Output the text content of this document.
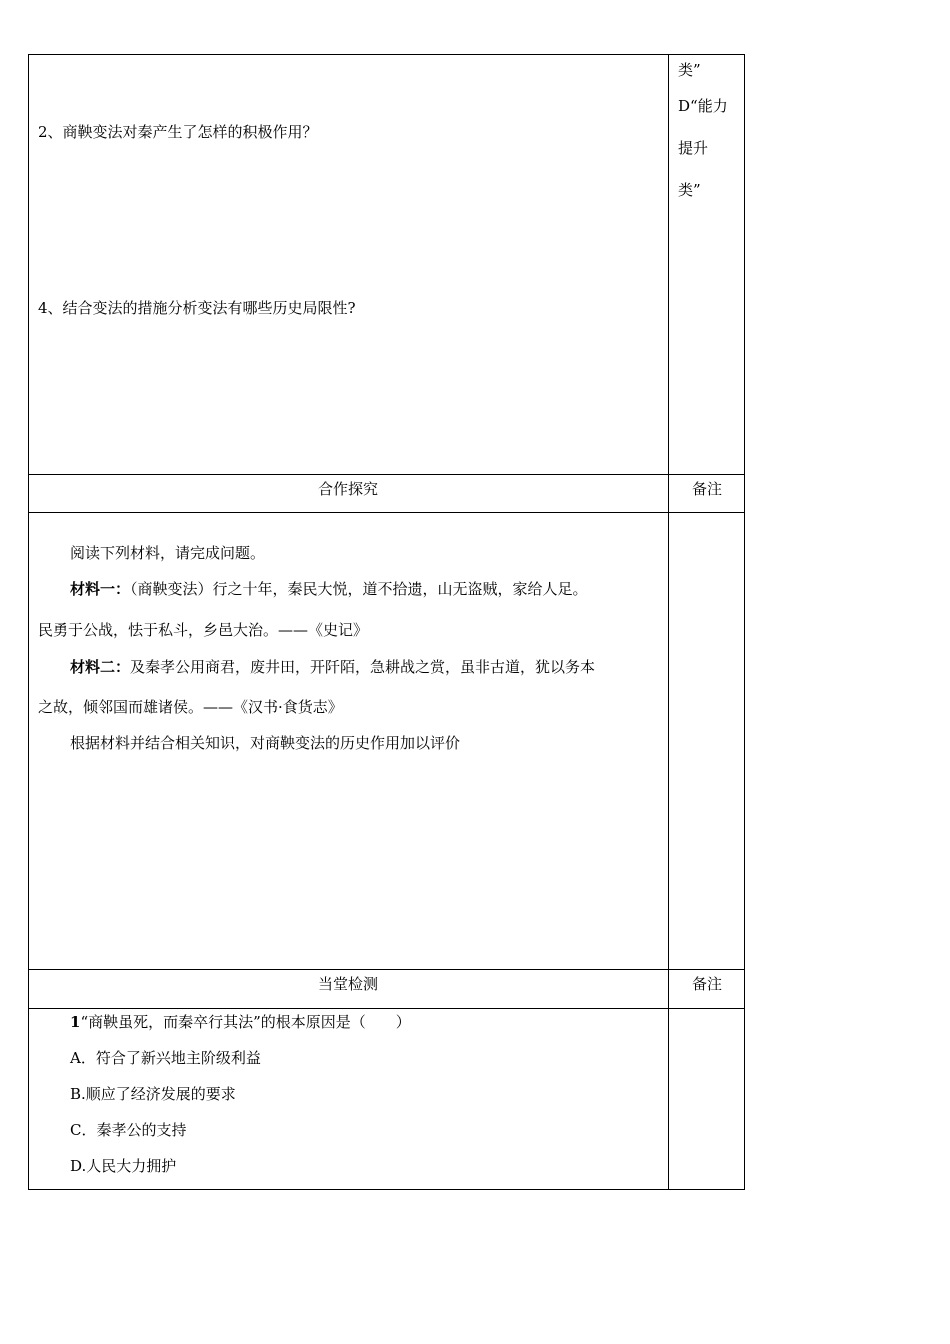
类”
D“能力
提升
类”
2、商鞅变法对秦产生了怎样的积极作用？
4、结合变法的措施分析变法有哪些历史局限性?
合作探究	备注
阅读下列材料，请完成问题。
材料一：（商鞅变法）行之十年，秦民大悦，道不拾遗，山无盗贼，家给人足。
民勇于公战，怯于私斗，乡邑大治。——《史记》
材料二：及秦孝公用商君，废井田，开阡陌，急耕战之赏，虽非古道，犹以务本
之故，倾邻国而雄诸侯。——《汉书·食货志》
根据材料并结合相关知识，对商鞅变法的历史作用加以评价
当堂检测	备注
1“商鞅虽死，而秦卒行其法”的根本原因是（　　）
A．符合了新兴地主阶级利益
B.顺应了经济发展的要求
C．秦孝公的支持
D.人民大力拥护
